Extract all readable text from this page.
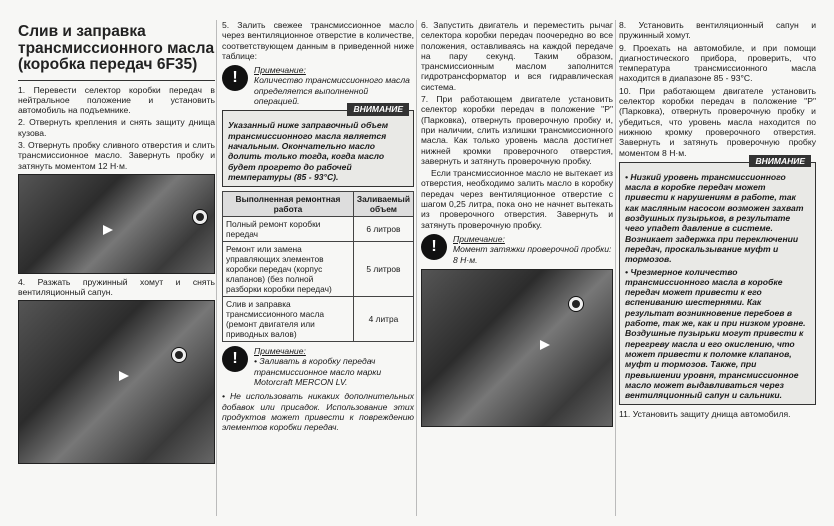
Слив и заправка трансмиссионного масла (коробка передач 6F35)

1. Перевести селектор коробки передач в нейтральное положение и установить автомобиль на подъемнике.

2. Отвернуть крепления и снять защиту днища кузова.

3. Отвернуть пробку сливного отверстия и слить трансмиссионное масло. Завернуть пробку и затянуть моментом 12 Н·м.

4. Разжать пружинный хомут и снять вентиляционный сапун.

5. Залить свежее трансмиссионное масло через вентиляционное отверстие в количестве, соответствующем данным в приведенной ниже таблице:

!	Примечание:
Количество трансмиссионного масла определяется выполненной операцией.
ВНИМАНИЕ
Указанный ниже заправочный объем трансмиссионного масла является начальным. Окончательно масло долить только тогда, когда масло будет прогрето до рабочей температуры (85 - 93°С).
Выполненная ремонтная работа	Заливаемый объем
Полный ремонт коробки передач	6 литров
Ремонт или замена управляющих элементов коробки передач (корпус клапанов) (без полной разборки коробки передач)	5 литров
Слив и заправка трансмиссионного масла (ремонт двигателя или приводных валов)	4 литра
!	Примечание:
• Заливать в коробку передач трансмиссионное масло марки Motorcraft MERCON LV.

• Не использовать никаких дополнительных добавок или присадок. Использование этих продуктов может привести к повреждению элементов коробки передач.

6. Запустить двигатель и переместить рычаг селектора коробки передач поочередно во все положения, оставливаясь на каждой передаче на пару секунд. Таким образом, трансмиссионным маслом заполнится гидротрансформатор и вся гидравлическая система.

7. При работающем двигателе установить селектор коробки передач в положение "P" (Парковка), отвернуть проверочную пробку и, при наличии, слить излишки трансмиссионного масла. Как только уровень масла достигнет нижней кромки проверочного отверстия, завернуть и затянуть проверочную пробку.

Если трансмиссионное масло не вытекает из отверстия, необходимо залить масло в коробку передач через вентиляционное отверстие с шагом 0,25 литра, пока оно не начнет вытекать из проверочного отверстия. Завернуть и затянуть проверочную пробку.

!	Примечание:
Момент затяжки проверочной пробки: 8 Н·м.

8. Установить вентиляционный сапун и пружинный хомут.

9. Проехать на автомобиле, и при помощи диагностического прибора, проверить, что температура трансмиссионного масла находится в диапазоне 85 - 93°С.

10. При работающем двигателе установить селектор коробки передач в положение "P" (Парковка), отвернуть проверочную пробку и убедиться, что уровень масла находится по нижнюю кромку проверочного отверстия. Завернуть и затянуть проверочную пробку моментом 8 Н·м.

ВНИМАНИЕ
• Низкий уровень трансмиссионного масла в коробке передач может привести к нарушениям в работе, так как масляным насосом возможен захват воздушных пузырьков, в результате чего упадет давление в системе. Возникает задержка при переключении передач, проскальзывание муфт и тормозов.
• Чрезмерное количество трансмиссионного масла в коробке передач может привести к его вспениванию шестернями. Как результат возникновение перебоев в работе, так же, как и при низком уровне. Воздушные пузырьки могут привести к перегреву масла и его окислению, что может привести к поломке клапанов, муфт и тормозов. Также, при превышении уровня, трансмиссионное масло может выдавливаться через вентиляционный сапун и сальники.

11. Установить защиту днища автомобиля.
